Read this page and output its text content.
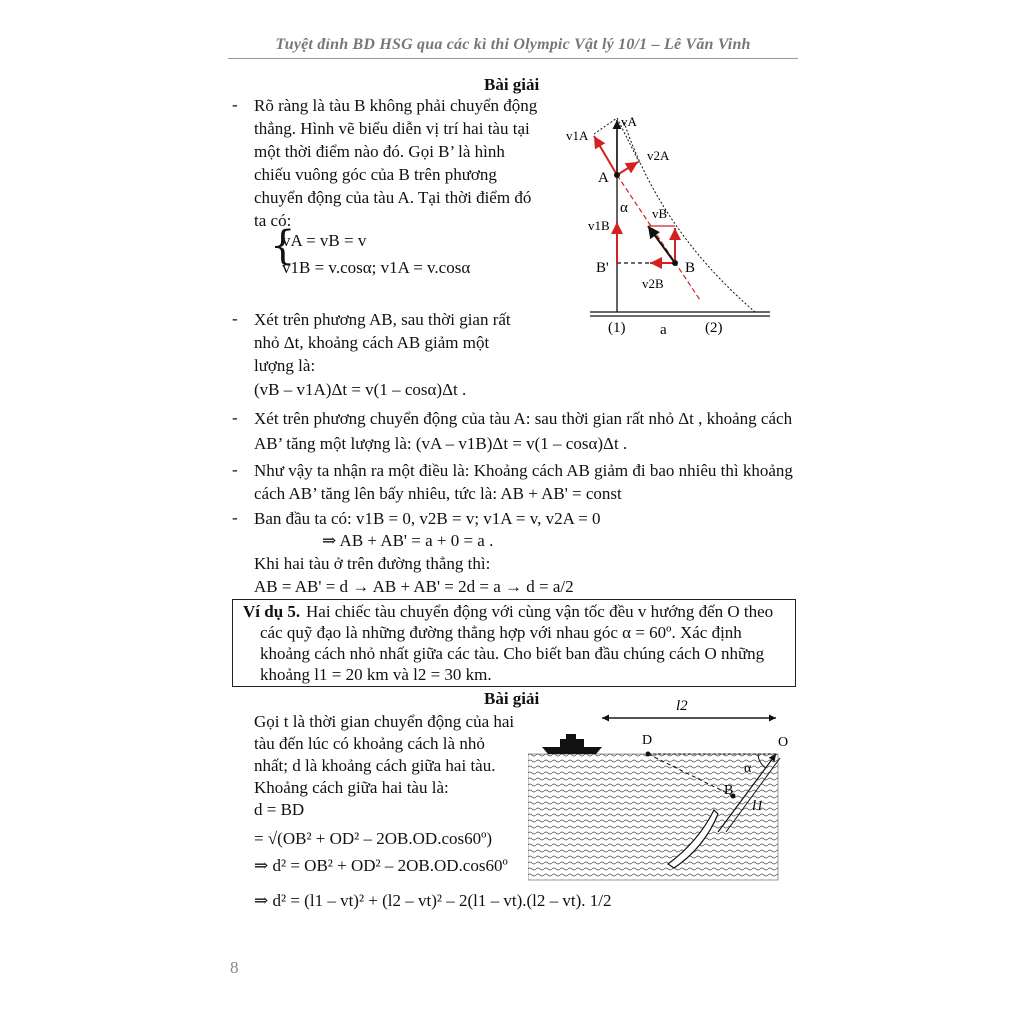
Tuyệt đỉnh BD HSG qua các kì thi Olympic Vật lý 10/1 – Lê Văn Vinh
Bài giải
- Rõ ràng là tàu B không phải chuyển động
thẳng. Hình vẽ biểu diễn vị trí hai tàu tại
một thời điểm nào đó. Gọi B’ là hình
chiếu vuông góc của B trên phương
chuyển động của tàu A. Tại thời điểm đó
ta có:
{
vA = vB = v
v1B = v.cosα; v1A = v.cosα
- Xét trên phương AB, sau thời gian rất
nhỏ Δt, khoảng cách AB giảm một
lượng là:
(vB – v1A)Δt = v(1 – cosα)Δt .
- Xét trên phương chuyển động của tàu A: sau thời gian rất nhỏ Δt , khoảng cách
AB’ tăng một lượng là: (vA – v1B)Δt = v(1 – cosα)Δt .
- Như vậy ta nhận ra một điều là: Khoảng cách AB giảm đi bao nhiêu thì khoảng
cách AB’ tăng lên bấy nhiêu, tức là: AB + AB' = const
- Ban đầu ta có: v1B = 0, v2B = v; v1A = v, v2A = 0
⇒ AB + AB' = a + 0 = a .
Khi hai tàu ở trên đường thẳng thì:
AB = AB' = d → AB + AB' = 2d = a → d = a/2
v1A
vA
v2A
A
α vB
v1B
B'	B
v2B
(1) a	(2)
Ví dụ 5. Hai chiếc tàu chuyển động với cùng vận tốc đều v hướng đến O theo
các quỹ đạo là những đường thẳng hợp với nhau góc α = 60º. Xác định
khoảng cách nhỏ nhất giữa các tàu. Cho biết ban đầu chúng cách O những
khoảng l1 = 20 km và l2 = 30 km.
Bài giải
Gọi t là thời gian chuyển động của hai
tàu đến lúc có khoảng cách là nhỏ
nhất; d là khoảng cách giữa hai tàu.
Khoảng cách giữa hai tàu là:
d = BD
= √(OB² + OD² – 2OB.OD.cos60º)
⇒ d² = OB² + OD² – 2OB.OD.cos60º
⇒ d² = (l1 – vt)² + (l2 – vt)² – 2(l1 – vt).(l2 – vt). 1/2
l2
D	O
α
B
l1
8
